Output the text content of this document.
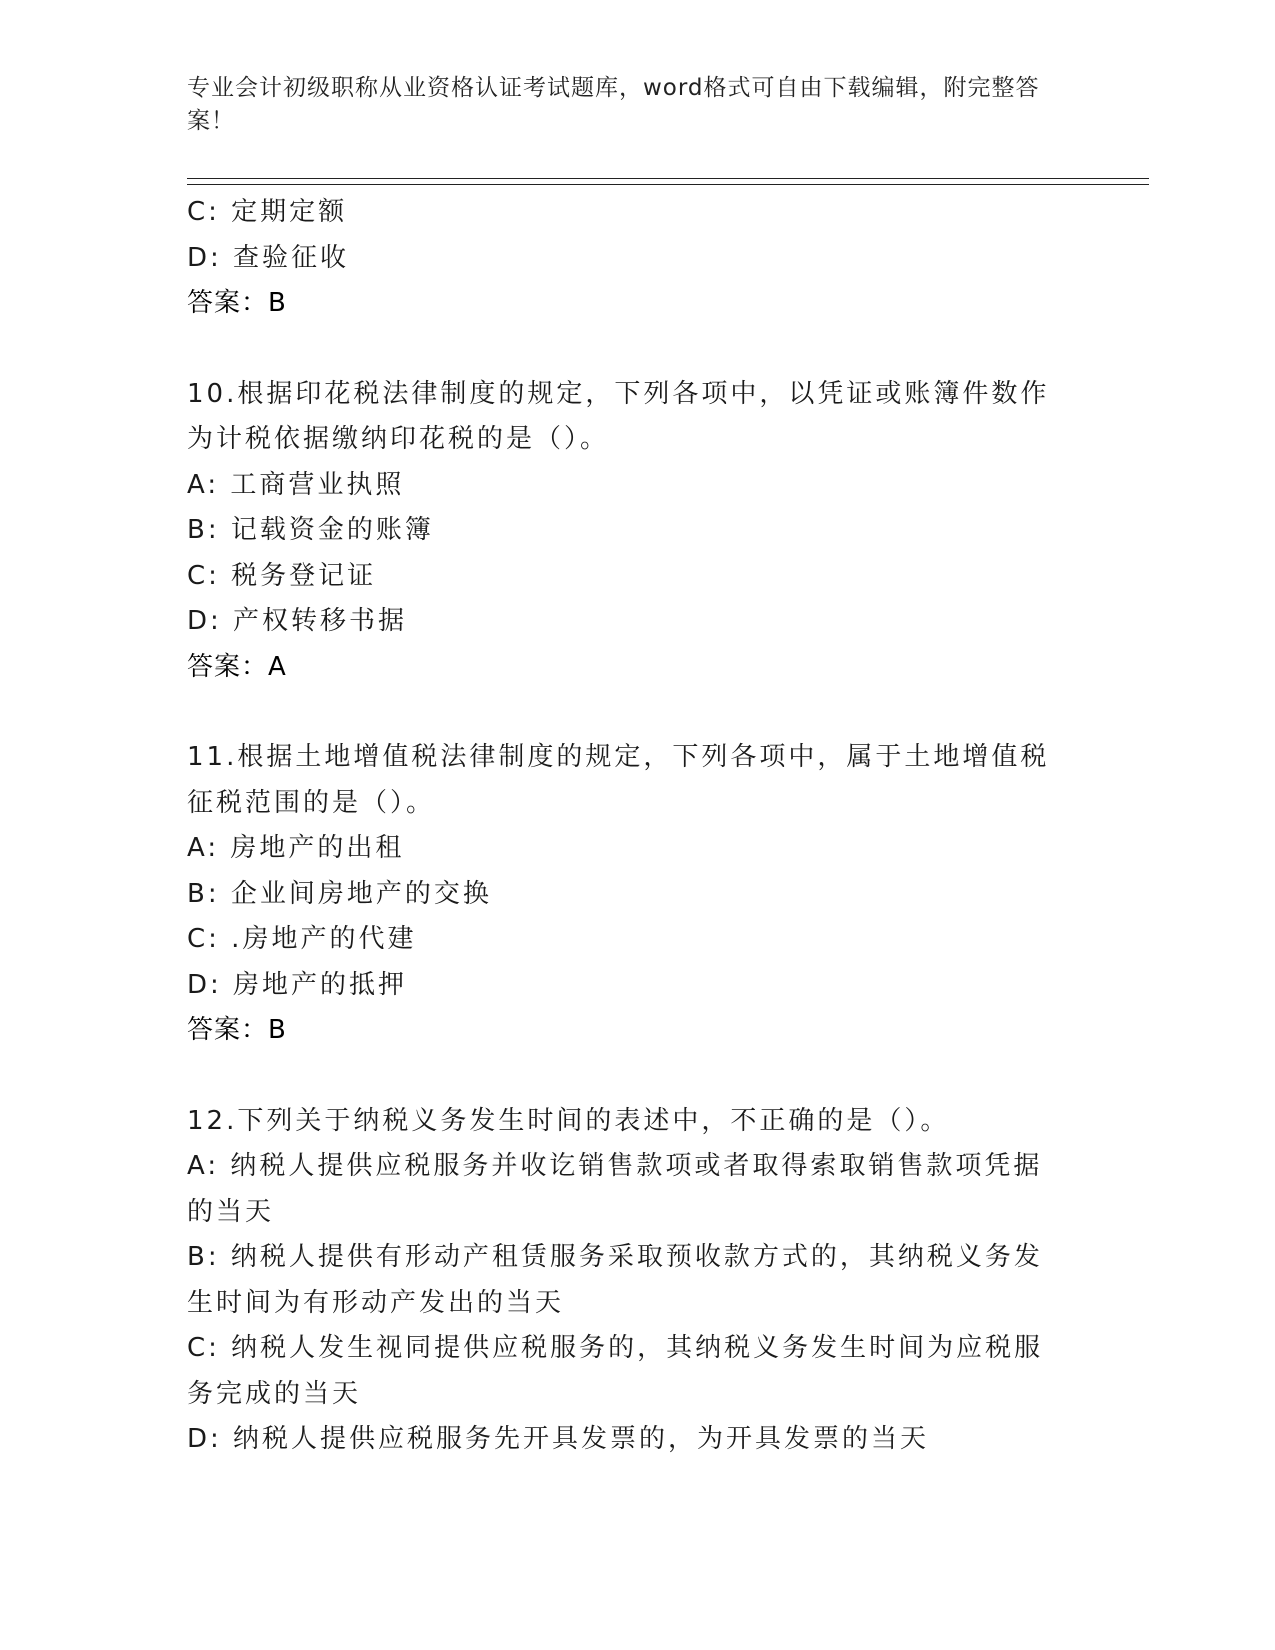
专业会计初级职称从业资格认证考试题库，word格式可自由下载编辑，附完整答案！
C: 定期定额
D: 查验征收
答案：B
10.根据印花税法律制度的规定，下列各项中，以凭证或账簿件数作为计税依据缴纳印花税的是（）。
A: 工商营业执照
B: 记载资金的账簿
C: 税务登记证
D: 产权转移书据
答案：A
11.根据土地增值税法律制度的规定，下列各项中，属于土地增值税征税范围的是（）。
A: 房地产的出租
B: 企业间房地产的交换
C: .房地产的代建
D: 房地产的抵押
答案：B
12.下列关于纳税义务发生时间的表述中，不正确的是（）。
A: 纳税人提供应税服务并收讫销售款项或者取得索取销售款项凭据的当天
B: 纳税人提供有形动产租赁服务采取预收款方式的，其纳税义务发生时间为有形动产发出的当天
C: 纳税人发生视同提供应税服务的，其纳税义务发生时间为应税服务完成的当天
D: 纳税人提供应税服务先开具发票的，为开具发票的当天
